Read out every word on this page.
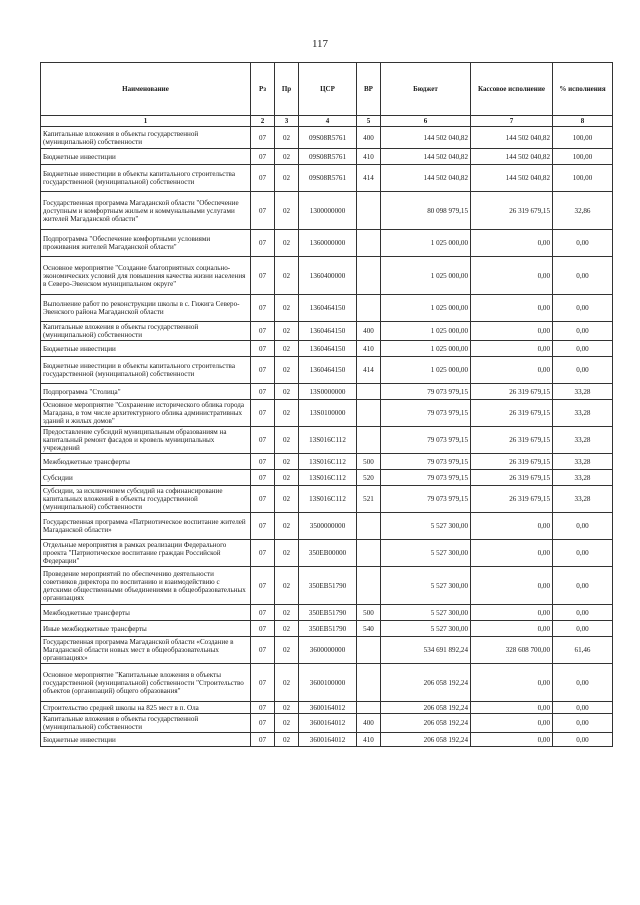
117
Наименование	Рз	Пр	ЦСР	ВР	Бюджет	Кассовое исполнение	% исполнения
1	2	3	4	5	6	7	8
Капитальные вложения в объекты государственной (муниципальной) собственности	07	02	09S08R5761	400	144 502 040,82	144 502 040,82	100,00
Бюджетные инвестиции	07	02	09S08R5761	410	144 502 040,82	144 502 040,82	100,00
Бюджетные инвестиции в объекты капитального строительства государственной (муниципальной) собственности	07	02	09S08R5761	414	144 502 040,82	144 502 040,82	100,00
Государственная программа Магаданской области "Обеспечение доступным и комфортным жильем и коммунальными услугами жителей Магаданской области"	07	02	1300000000		80 098 979,15	26 319 679,15	32,86
Подпрограмма "Обеспечение комфортными условиями проживания жителей Магаданской области"	07	02	1360000000		1 025 000,00	0,00	0,00
Основное мероприятие "Создание благоприятных социально-экономических условий для повышения качества жизни населения в Северо-Эвенском муниципальном округе"	07	02	1360400000		1 025 000,00	0,00	0,00
Выполнение работ по реконструкции школы в с. Гижига Северо-Эвенского района Магаданской области	07	02	1360464150		1 025 000,00	0,00	0,00
Капитальные вложения в объекты государственной (муниципальной) собственности	07	02	1360464150	400	1 025 000,00	0,00	0,00
Бюджетные инвестиции	07	02	1360464150	410	1 025 000,00	0,00	0,00
Бюджетные инвестиции в объекты капитального строительства государственной (муниципальной) собственности	07	02	1360464150	414	1 025 000,00	0,00	0,00
Подпрограмма "Столица"	07	02	13S0000000		79 073 979,15	26 319 679,15	33,28
Основное мероприятие "Сохранение исторического облика города Магадана, в том числе архитектурного облика административных зданий и жилых домов"	07	02	13S0100000		79 073 979,15	26 319 679,15	33,28
Предоставление субсидий муниципальным образованиям на капитальный ремонт фасадов и кровель муниципальных учреждений	07	02	13S016C112		79 073 979,15	26 319 679,15	33,28
Межбюджетные трансферты	07	02	13S016C112	500	79 073 979,15	26 319 679,15	33,28
Субсидии	07	02	13S016C112	520	79 073 979,15	26 319 679,15	33,28
Субсидии, за исключением субсидий на софинансирование капитальных вложений в объекты государственной (муниципальной) собственности	07	02	13S016C112	521	79 073 979,15	26 319 679,15	33,28
Государственная программа «Патриотическое воспитание жителей Магаданской области»	07	02	3500000000		5 527 300,00	0,00	0,00
Отдельные мероприятия в рамках реализации Федерального проекта "Патриотическое воспитание граждан Российской Федерации"	07	02	350EB00000		5 527 300,00	0,00	0,00
Проведение мероприятий по обеспечению деятельности советников директора по воспитанию и взаимодействию с детскими общественными объединениями в общеобразовательных организациях	07	02	350EB51790		5 527 300,00	0,00	0,00
Межбюджетные трансферты	07	02	350EB51790	500	5 527 300,00	0,00	0,00
Иные межбюджетные трансферты	07	02	350EB51790	540	5 527 300,00	0,00	0,00
Государственная программа Магаданской области «Создание в Магаданской области новых мест в общеобразовательных организациях»	07	02	3600000000		534 691 892,24	328 608 700,00	61,46
Основное мероприятие "Капитальные вложения в объекты государственной (муниципальной) собственности "Строительство объектов (организаций) общего образования"	07	02	3600100000		206 058 192,24	0,00	0,00
Строительство средней школы на 825 мест в п. Ола	07	02	3600164012		206 058 192,24	0,00	0,00
Капитальные вложения в объекты государственной (муниципальной) собственности	07	02	3600164012	400	206 058 192,24	0,00	0,00
Бюджетные инвестиции	07	02	3600164012	410	206 058 192,24	0,00	0,00
